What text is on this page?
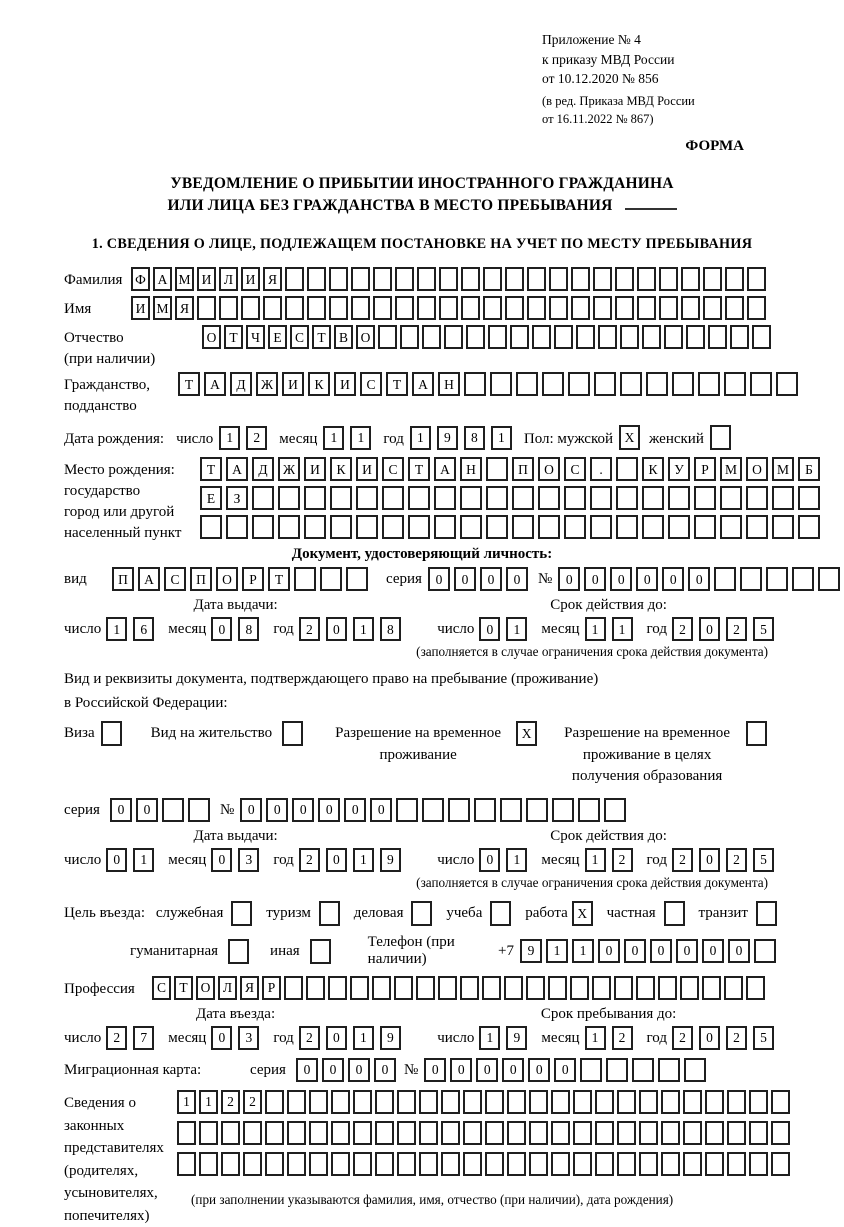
Приложение № 4
к приказу МВД России
от 10.12.2020 № 856
(в ред. Приказа МВД России
от 16.11.2022 № 867)
ФОРМА
УВЕДОМЛЕНИЕ О ПРИБЫТИИ ИНОСТРАННОГО ГРАЖДАНИНА
ИЛИ ЛИЦА БЕЗ ГРАЖДАНСТВА В МЕСТО ПРЕБЫВАНИЯ
1. СВЕДЕНИЯ О ЛИЦЕ, ПОДЛЕЖАЩЕМ ПОСТАНОВКЕ НА УЧЕТ ПО МЕСТУ ПРЕБЫВАНИЯ
Фамилия Ф А М И Л И Я
Имя	И М Я
Отчество
(при наличии)
О Т Ч Е С Т В О
Гражданство,
подданство
Т	А	Д	Ж	И	К	И	С	Т	А	Н
Дата рождения: число 1	2	месяц 1	1	год 1	9	8	1	Пол: мужской X женский
Место рождения:
государство
город или другой
населенный пункт
Т	А	Д	Ж	И	К	И	С	Т	А	Н	П	О	С	.	К	У	Р	М	О	М	Б
Е	З
Документ, удостоверяющий личность:
вид	П	А	С	П	О	Р	Т	серия	0	0	0	0	№	0	0	0	0	0	0
Дата выдачи:
число 1	6	месяц 0	8	год 2	0	1	8
Срок действия до:
число 0	1	месяц 1	1	год 2	0	2	5
(заполняется в случае ограничения срока действия документа)
Вид и реквизиты документа, подтверждающего право на пребывание (проживание)
в Российской Федерации:
Виза	Вид на жительство	Разрешение на временное
проживание
X	Разрешение на временное
проживание в целях
получения образования
серия	0	0	№	0	0	0	0	0	0
Дата выдачи:
число 0	1	месяц 0	3	год 2	0	1	9
Срок действия до:
число 0	1	месяц 1	2	год 2	0	2	5
(заполняется в случае ограничения срока действия документа)
Цель въезда: служебная	туризм	деловая	учеба	работа X	частная	транзит
гуманитарная	иная
Телефон (при наличии)
+7	9	1	1	0	0	0	0	0	0
Профессия	С Т О Л Я	Р
Дата въезда:
число 2	7	месяц 0	3	год 2	0	1	9
Срок пребывания до:
число 1	9	месяц 1	2	год 2	0	2	5
Миграционная карта:	серия	0	0	0	0	№	0	0	0	0	0	0
Сведения о
законных
представителях
(родителях,
усыновителях,
попечителях)
1	1	2	2
(при заполнении указываются фамилия, имя, отчество (при наличии), дата рождения)
